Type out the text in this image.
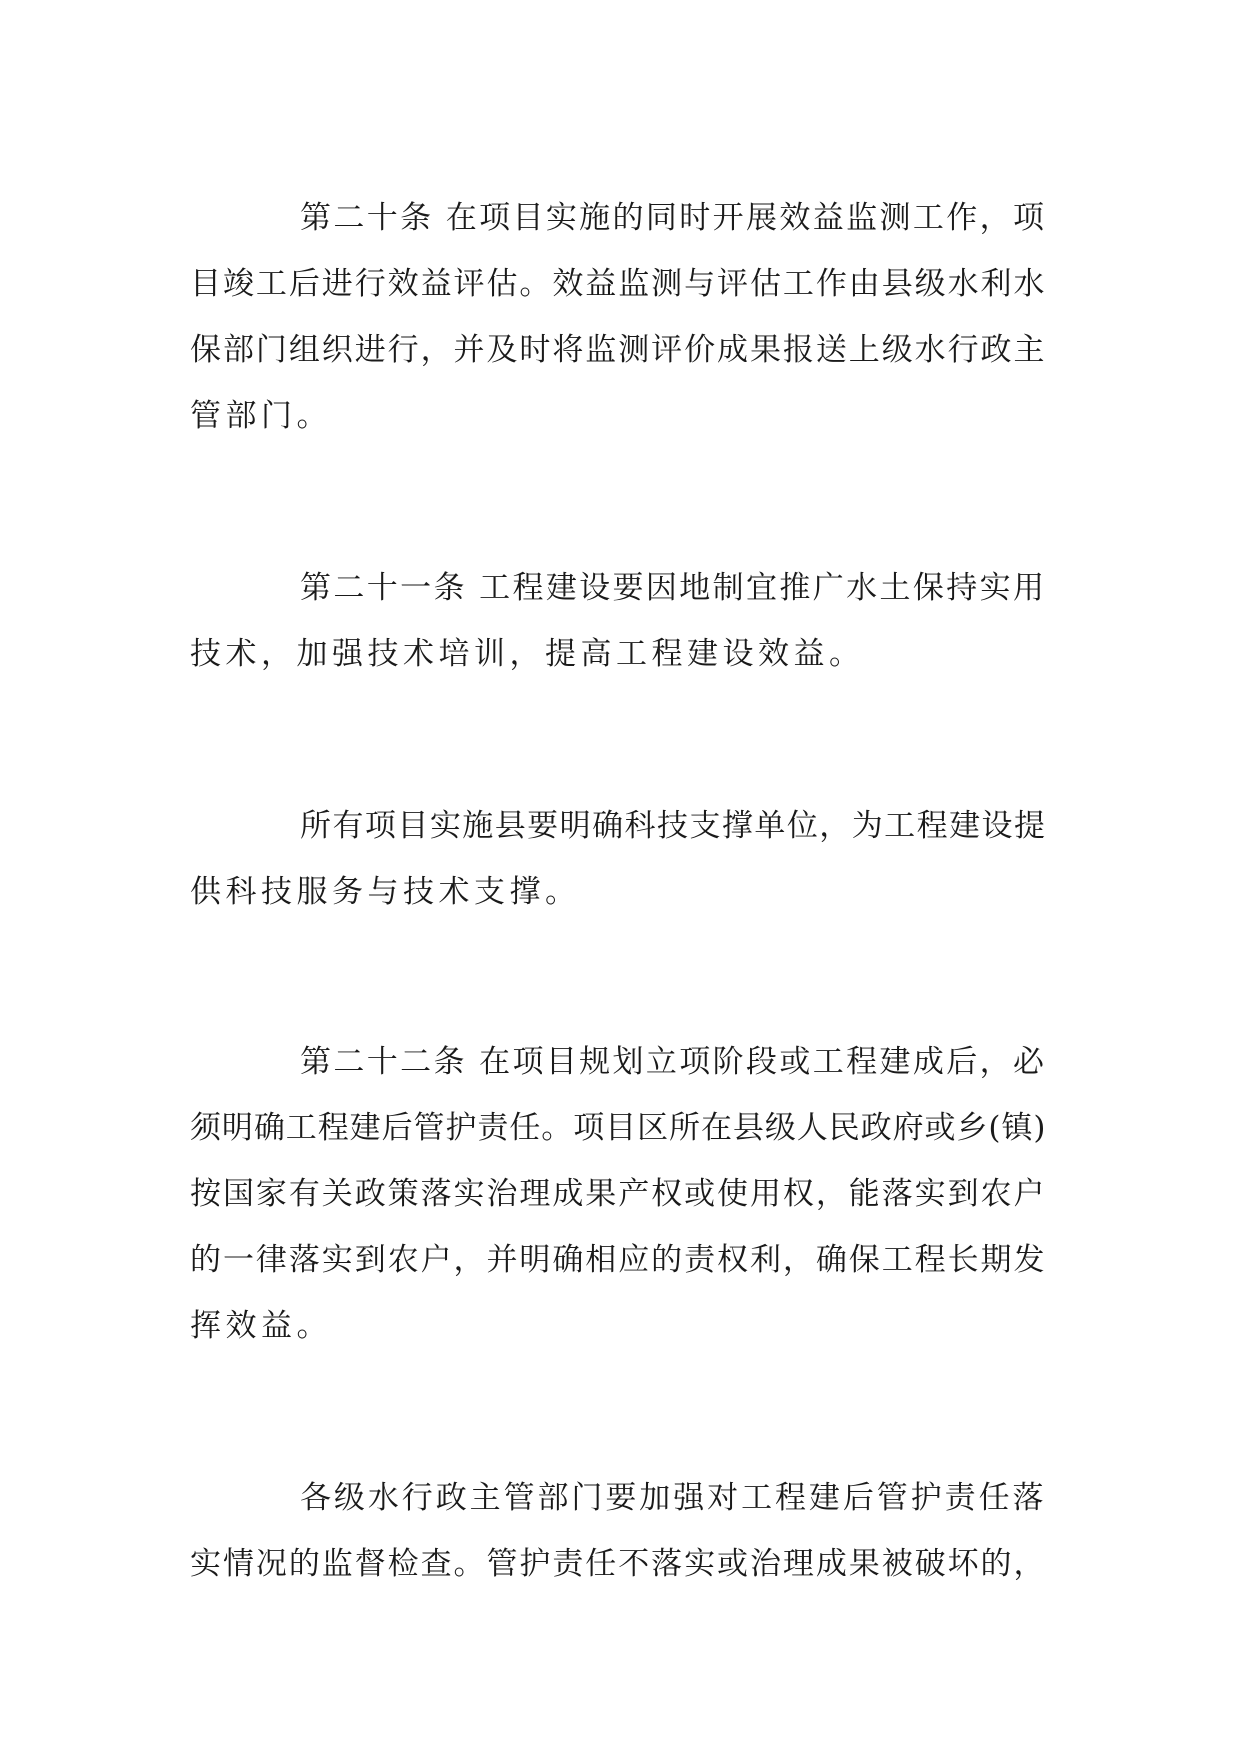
第二十条 在项目实施的同时开展效益监测工作，项
目竣工后进行效益评估。效益监测与评估工作由县级水利水
保部门组织进行，并及时将监测评价成果报送上级水行政主
管部门。
第二十一条 工程建设要因地制宜推广水土保持实用
技术，加强技术培训，提高工程建设效益。
所有项目实施县要明确科技支撑单位，为工程建设提
供科技服务与技术支撑。
第二十二条 在项目规划立项阶段或工程建成后，必
须明确工程建后管护责任。项目区所在县级人民政府或乡(镇)
按国家有关政策落实治理成果产权或使用权，能落实到农户
的一律落实到农户，并明确相应的责权利，确保工程长期发
挥效益。
各级水行政主管部门要加强对工程建后管护责任落
实情况的监督检查。管护责任不落实或治理成果被破坏的，
